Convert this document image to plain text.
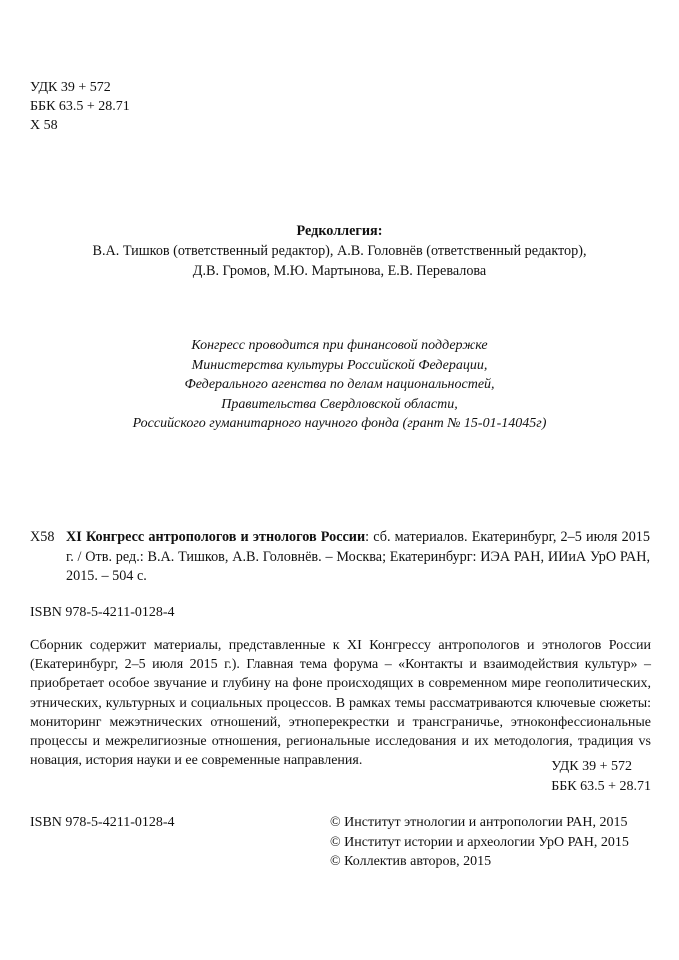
УДК 39 + 572
ББК 63.5 + 28.71
Х 58
Редколлегия:
В.А. Тишков (ответственный редактор), А.В. Головнёв (ответственный редактор),
Д.В. Громов, М.Ю. Мартынова, Е.В. Перевалова
Конгресс проводится при финансовой поддержке
Министерства культуры Российской Федерации,
Федерального агенства по делам национальностей,
Правительства Свердловской области,
Российского гуманитарного научного фонда (грант № 15-01-14045г)
Х58 XI Конгресс антропологов и этнологов России: сб. материалов. Екатеринбург, 2–5 июля 2015 г. / Отв. ред.: В.А. Тишков, А.В. Головнёв. – Москва; Екатеринбург: ИЭА РАН, ИИиА УрО РАН, 2015. – 504 с.
ISBN 978-5-4211-0128-4
Сборник содержит материалы, представленные к XI Конгрессу антропологов и этнологов России (Екатеринбург, 2–5 июля 2015 г.). Главная тема форума – «Контакты и взаимодействия культур» – приобретает особое звучание и глубину на фоне происходящих в современном мире геополитических, этнических, культурных и социальных процессов. В рамках темы рассматриваются ключевые сюжеты: мониторинг межэтнических отношений, этноперекрестки и трансграничье, этноконфессиональные процессы и межрелигиозные отношения, региональные исследования и их методология, традиция vs новация, история науки и ее современные направления.	УДК 39 + 572
ББК 63.5 + 28.71
ISBN 978-5-4211-0128-4	© Институт этнологии и антропологии РАН, 2015
© Институт истории и археологии УрО РАН, 2015
© Коллектив авторов, 2015
